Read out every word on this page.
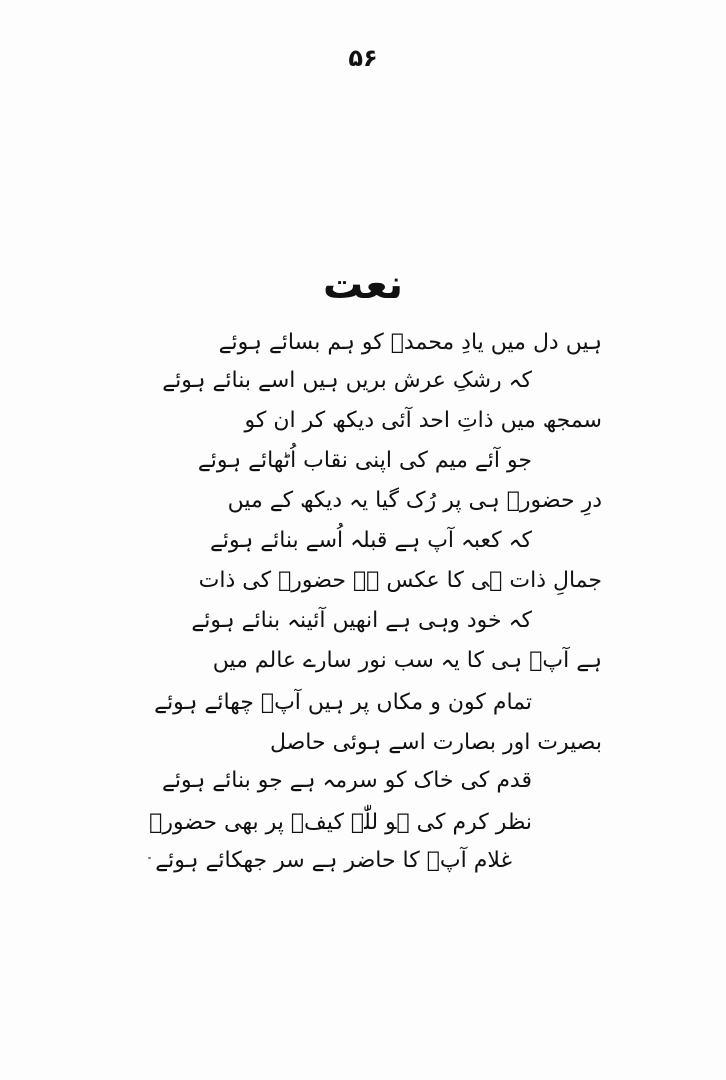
۵۶
نعت
ہیں دل میں یادِ محمدؐ کو ہم بسائے ہوئے
کہ رشکِ عرش بریں ہیں اسے بنائے ہوئے
سمجھ میں ذاتِ احد آئی دیکھ کر ان کو
جو آئے میم کی اپنی نقاب اُٹھائے ہوئے
درِ حضورؐ ہی پر رُک گیا یہ دیکھ کے میں
کہ کعبہ آپ ہے قبلہ اُسے بنائے ہوئے
جمالِ ذات ہی کا عکس ہے حضورؐ کی ذات
کہ خود وہی ہے انھیں آئینہ بنائے ہوئے
ہے آپؐ ہی کا یہ سب نور سارے عالم میں
تمام کون و مکاں پر ہیں آپؐ چھائے ہوئے
بصیرت اور بصارت اسے ہوئی حاصل
قدم کی خاک کو سرمہ ہے جو بنائے ہوئے
نظر کرم کی ہو للّٰہ کیفؔ پر بھی حضورؐ
غلام آپؐ کا حاضر ہے سر جھکائے ہوئے
